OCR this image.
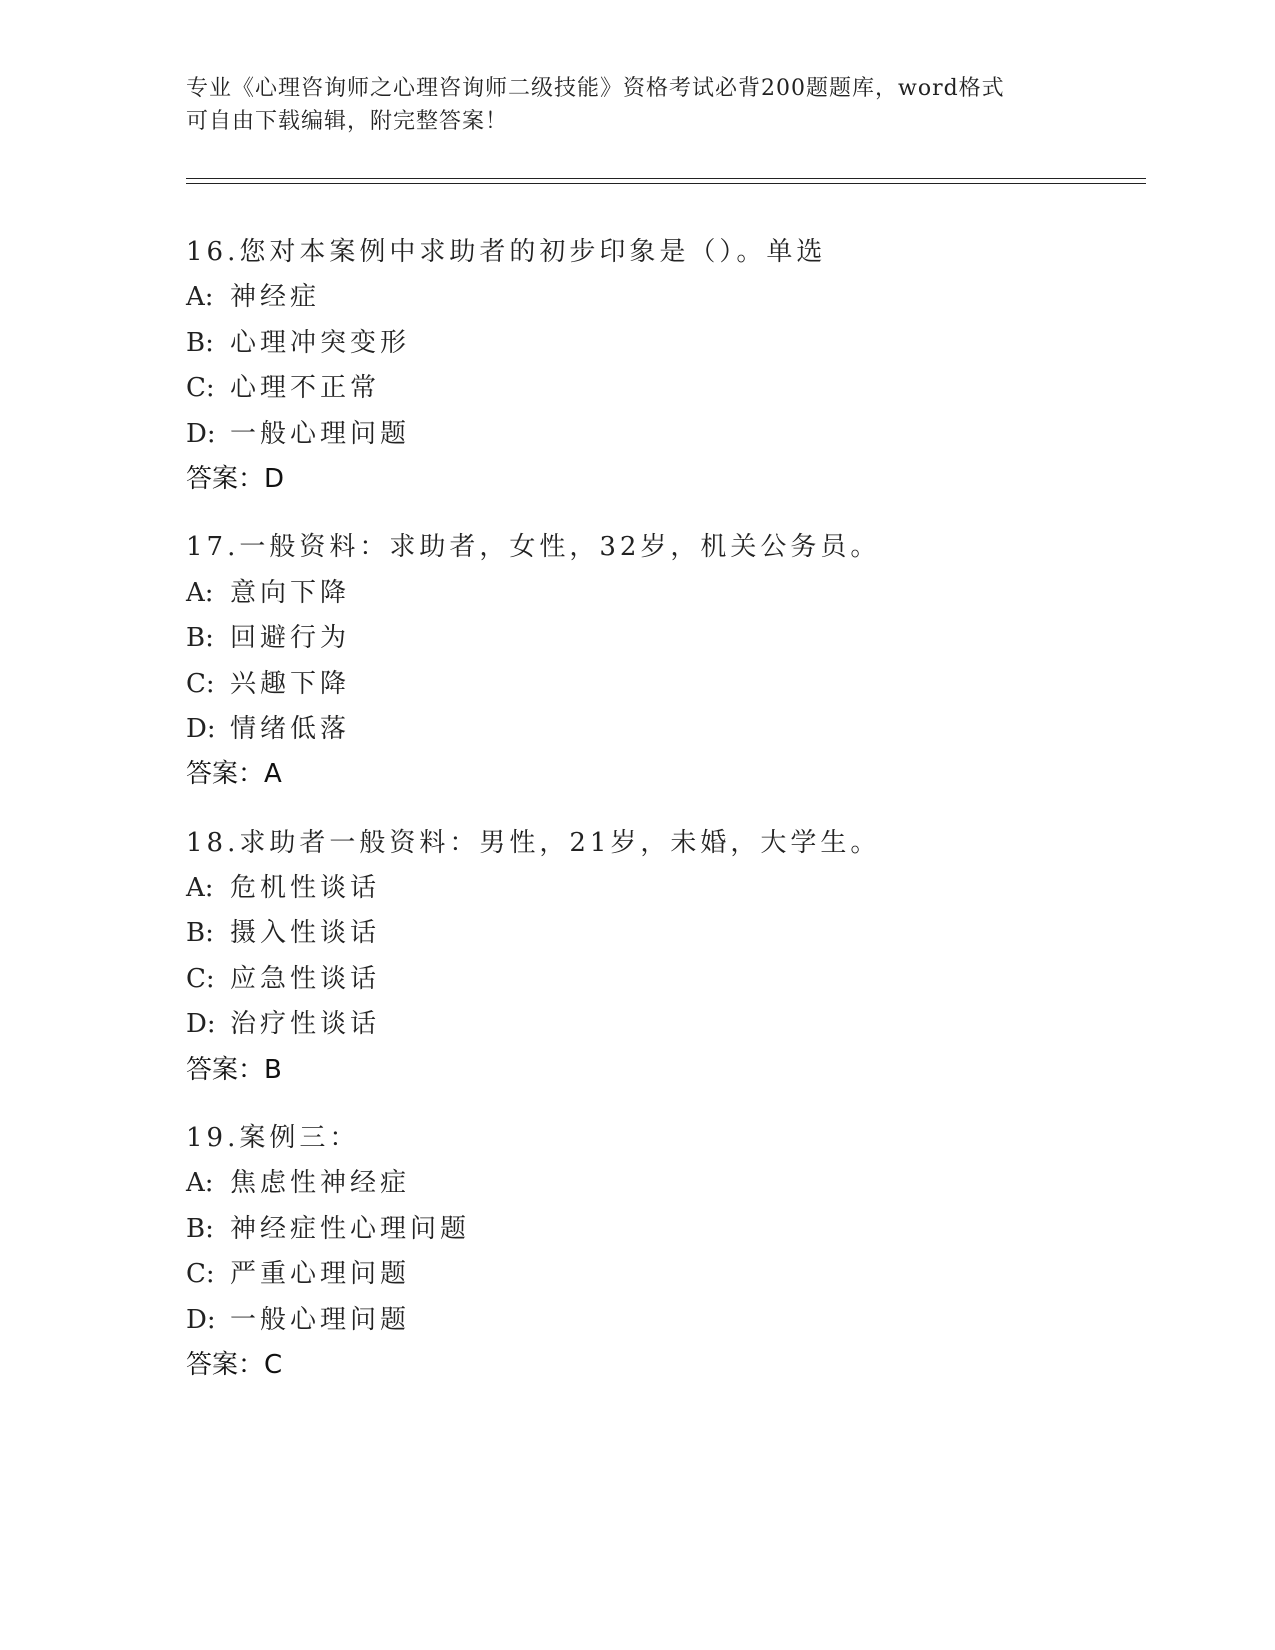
专业《心理咨询师之心理咨询师二级技能》资格考试必背200题题库，word格式
可自由下载编辑，附完整答案！
16.您对本案例中求助者的初步印象是（）。单选
A: 神经症
B: 心理冲突变形
C: 心理不正常
D: 一般心理问题
答案：D
17.一般资料：求助者，女性，32岁，机关公务员。
A: 意向下降
B: 回避行为
C: 兴趣下降
D: 情绪低落
答案：A
18.求助者一般资料：男性，21岁，未婚，大学生。
A: 危机性谈话
B: 摄入性谈话
C: 应急性谈话
D: 治疗性谈话
答案：B
19.案例三：
A: 焦虑性神经症
B: 神经症性心理问题
C: 严重心理问题
D: 一般心理问题
答案：C
